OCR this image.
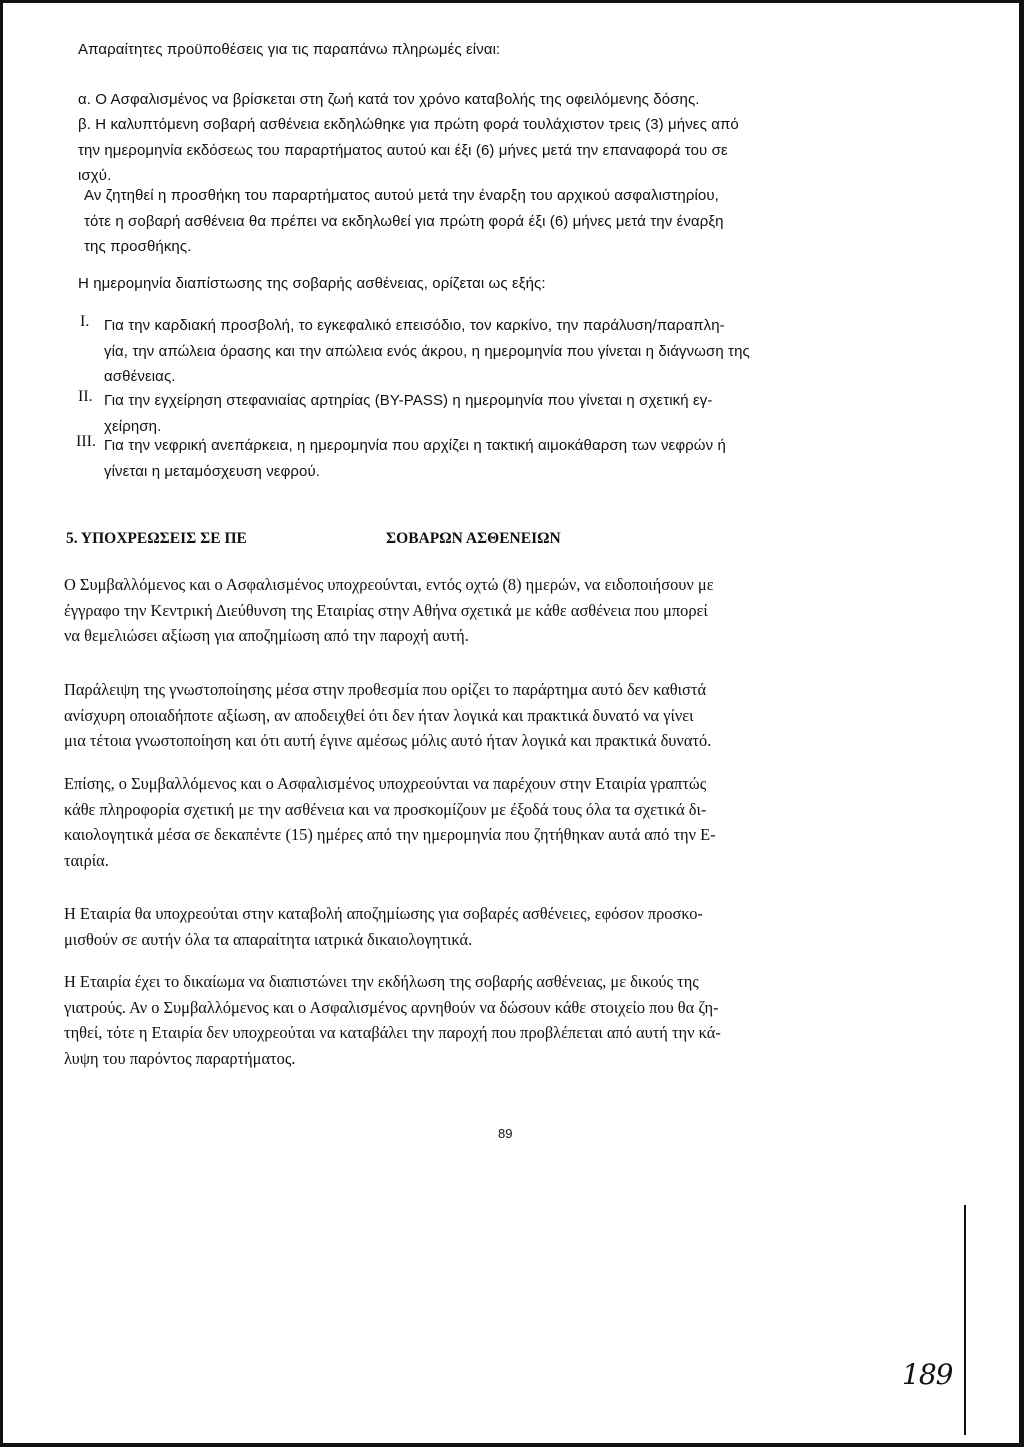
Απαραίτητες προϋποθέσεις για τις παραπάνω πληρωμές είναι:
α. Ο Ασφαλισμένος να βρίσκεται στη ζωή κατά τον χρόνο καταβολής της οφειλόμενης δόσης.
β. Η καλυπτόμενη σοβαρή ασθένεια εκδηλώθηκε για πρώτη φορά τουλάχιστον τρεις (3) μήνες από
την ημερομηνία εκδόσεως του παραρτήματος αυτού και έξι (6) μήνες μετά την επαναφορά του σε
ισχύ.
Αν ζητηθεί η προσθήκη του παραρτήματος αυτού μετά την έναρξη του αρχικού ασφαλιστηρίου,
τότε η σοβαρή ασθένεια θα πρέπει να εκδηλωθεί για πρώτη φορά έξι (6) μήνες μετά την έναρξη
της προσθήκης.
Η ημερομηνία διαπίστωσης της σοβαρής ασθένειας, ορίζεται ως εξής:
I. Για την καρδιακή προσβολή, το εγκεφαλικό επεισόδιο, τον καρκίνο, την παράλυση/παραπλη-
γία, την απώλεια όρασης και την απώλεια ενός άκρου, η ημερομηνία που γίνεται η διάγνωση της
ασθένειας.
II. Για την εγχείρηση στεφανιαίας αρτηρίας (BY-PASS) η ημερομηνία που γίνεται η σχετική εγ-
χείρηση.
III. Για την νεφρική ανεπάρκεια, η ημερομηνία που αρχίζει η τακτική αιμοκάθαρση των νεφρών ή
γίνεται η μεταμόσχευση νεφρού.
5. ΥΠΟΧΡΕΩΣΕΙΣ ΣΕ ΠΕ	ΣΟΒΑΡΩΝ ΑΣΘΕΝΕΙΩΝ
Ο Συμβαλλόμενος και ο Ασφαλισμένος υποχρεούνται, εντός οχτώ (8) ημερών, να ειδοποιήσουν με
έγγραφο την Κεντρική Διεύθυνση της Εταιρίας στην Αθήνα σχετικά με κάθε ασθένεια που μπορεί
να θεμελιώσει αξίωση για αποζημίωση από την παροχή αυτή.
Παράλειψη της γνωστοποίησης μέσα στην προθεσμία που ορίζει το παράρτημα αυτό δεν καθιστά
ανίσχυρη οποιαδήποτε αξίωση, αν αποδειχθεί ότι δεν ήταν λογικά και πρακτικά δυνατό να γίνει
μια τέτοια γνωστοποίηση και ότι αυτή έγινε αμέσως μόλις αυτό ήταν λογικά και πρακτικά δυνατό.
Επίσης, ο Συμβαλλόμενος και ο Ασφαλισμένος υποχρεούνται να παρέχουν στην Εταιρία γραπτώς
κάθε πληροφορία σχετική με την ασθένεια και να προσκομίζουν με έξοδά τους όλα τα σχετικά δι-
καιολογητικά μέσα σε δεκαπέντε (15) ημέρες από την ημερομηνία που ζητήθηκαν αυτά από την Ε-
ταιρία.
Η Εταιρία θα υποχρεούται στην καταβολή αποζημίωσης για σοβαρές ασθένειες, εφόσον προσκο-
μισθούν σε αυτήν όλα τα απαραίτητα ιατρικά δικαιολογητικά.
Η Εταιρία έχει το δικαίωμα να διαπιστώνει την εκδήλωση της σοβαρής ασθένειας, με δικούς της
γιατρούς. Αν ο Συμβαλλόμενος και ο Ασφαλισμένος αρνηθούν να δώσουν κάθε στοιχείο που θα ζη-
τηθεί, τότε η Εταιρία δεν υποχρεούται να καταβάλει την παροχή που προβλέπεται από αυτή την κά-
λυψη του παρόντος παραρτήματος.
89
189
